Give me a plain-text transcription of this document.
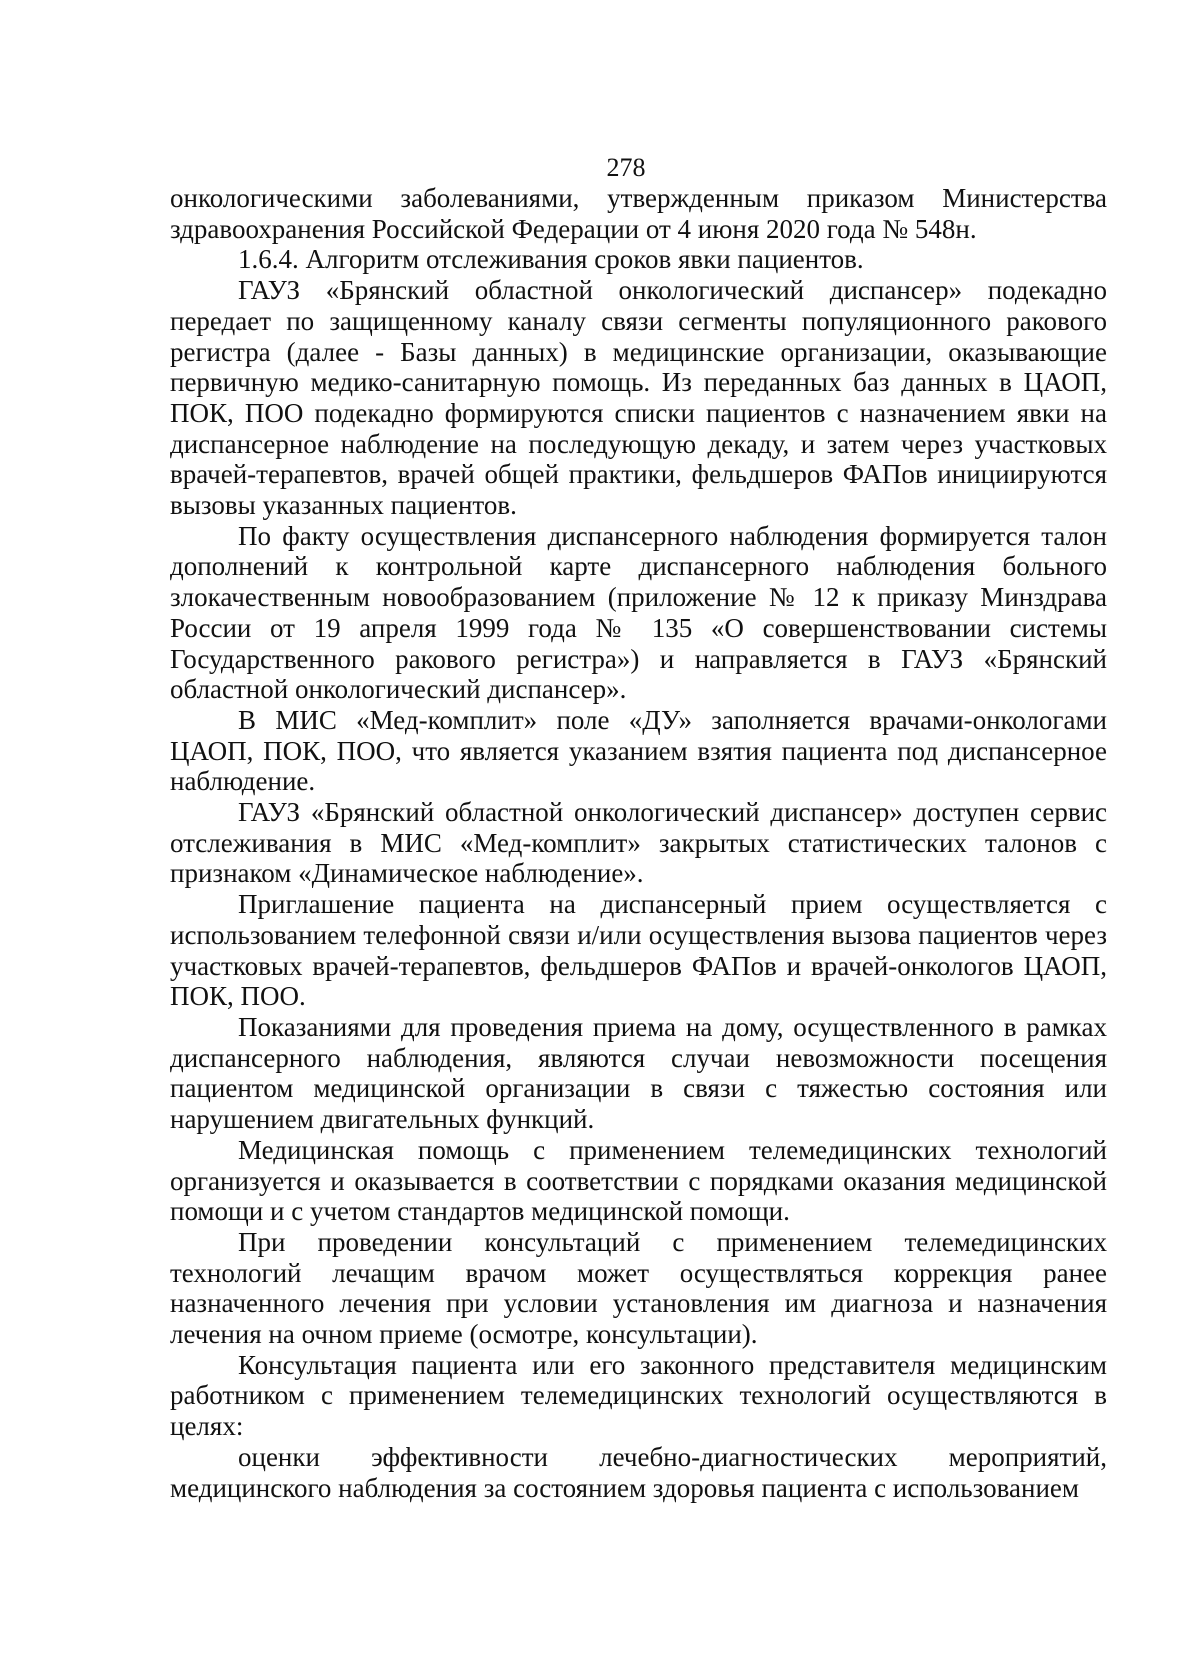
278

онкологическими заболеваниями, утвержденным приказом Министерства здравоохранения Российской Федерации от 4 июня 2020 года № 548н.

1.6.4. Алгоритм отслеживания сроков явки пациентов.

ГАУЗ «Брянский областной онкологический диспансер» подекадно передает по защищенному каналу связи сегменты популяционного ракового регистра (далее - Базы данных) в медицинские организации, оказывающие первичную медико-санитарную помощь. Из переданных баз данных в ЦАОП, ПОК, ПОО подекадно формируются списки пациентов с назначением явки на диспансерное наблюдение на последующую декаду, и затем через участковых врачей-терапевтов, врачей общей практики, фельдшеров ФАПов инициируются вызовы указанных пациентов.

По факту осуществления диспансерного наблюдения формируется талон дополнений к контрольной карте диспансерного наблюдения больного злокачественным новообразованием (приложение № 12 к приказу Минздрава России от 19 апреля 1999 года № 135 «О совершенствовании системы Государственного ракового регистра») и направляется в ГАУЗ «Брянский областной онкологический диспансер».

В МИС «Мед-комплит» поле «ДУ» заполняется врачами-онкологами ЦАОП, ПОК, ПОО, что является указанием взятия пациента под диспансерное наблюдение.

ГАУЗ «Брянский областной онкологический диспансер» доступен сервис отслеживания в МИС «Мед-комплит» закрытых статистических талонов с признаком «Динамическое наблюдение».

Приглашение пациента на диспансерный прием осуществляется с использованием телефонной связи и/или осуществления вызова пациентов через участковых врачей-терапевтов, фельдшеров ФАПов и врачей-онкологов ЦАОП, ПОК, ПОО.

Показаниями для проведения приема на дому, осуществленного в рамках диспансерного наблюдения, являются случаи невозможности посещения пациентом медицинской организации в связи с тяжестью состояния или нарушением двигательных функций.

Медицинская помощь с применением телемедицинских технологий организуется и оказывается в соответствии с порядками оказания медицинской помощи и с учетом стандартов медицинской помощи.

При проведении консультаций с применением телемедицинских технологий лечащим врачом может осуществляться коррекция ранее назначенного лечения при условии установления им диагноза и назначения лечения на очном приеме (осмотре, консультации).

Консультация пациента или его законного представителя медицинским работником с применением телемедицинских технологий осуществляются в целях:

оценки эффективности лечебно-диагностических мероприятий, медицинского наблюдения за состоянием здоровья пациента с использованием
